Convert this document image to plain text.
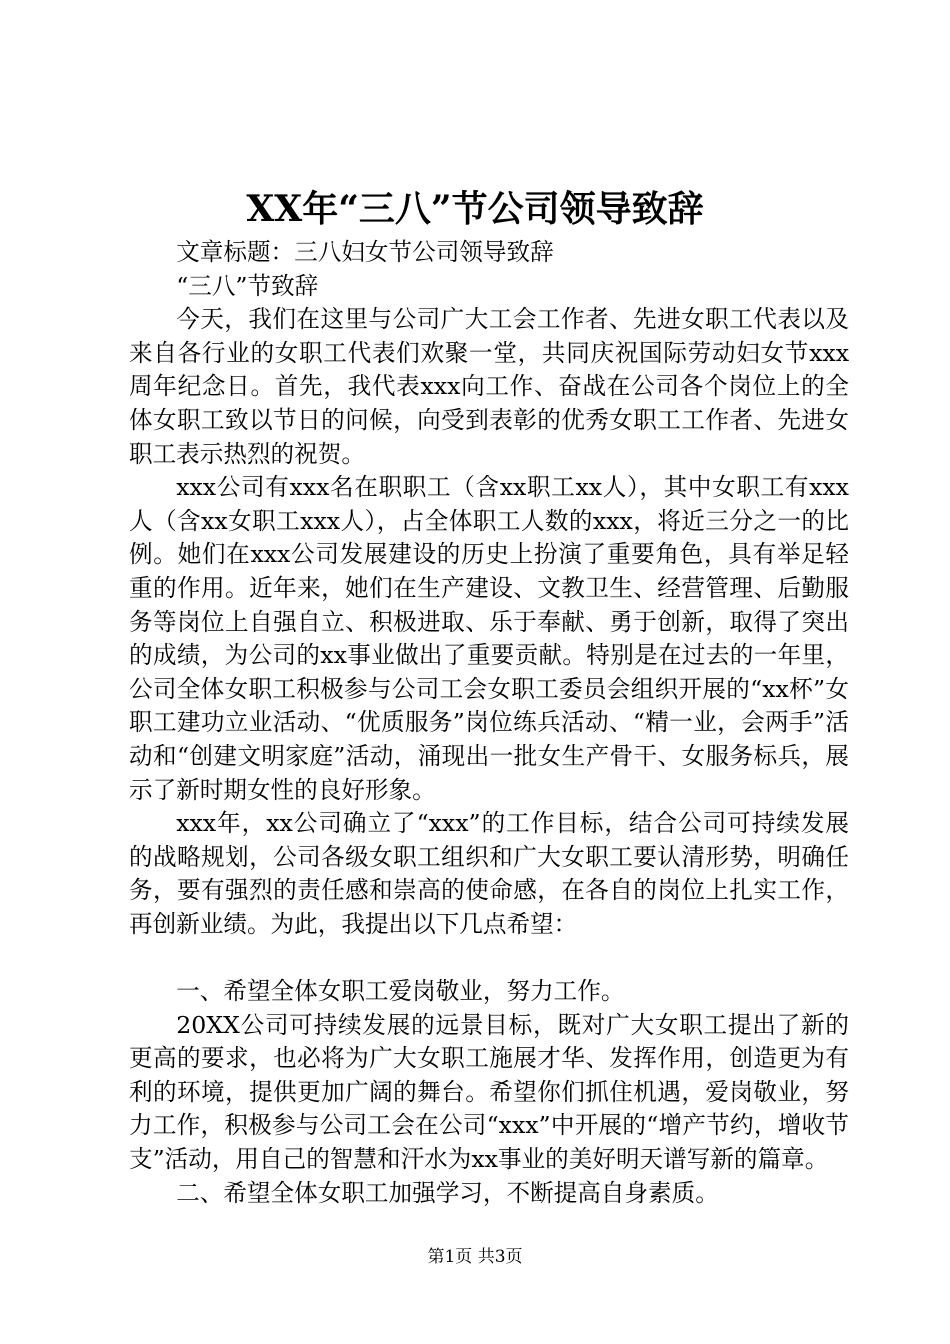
XX年“三八”节公司领导致辞

文章标题：三八妇女节公司领导致辞

“三八”节致辞

今天，我们在这里与公司广大工会工作者、先进女职工代表以及来自各行业的女职工代表们欢聚一堂，共同庆祝国际劳动妇女节xxx周年纪念日。首先，我代表xxx向工作、奋战在公司各个岗位上的全体女职工致以节日的问候，向受到表彰的优秀女职工工作者、先进女职工表示热烈的祝贺。

xxx公司有xxx名在职职工（含xx职工xx人），其中女职工有xxx人（含xx女职工xxx人），占全体职工人数的xxx，将近三分之一的比例。她们在xxx公司发展建设的历史上扮演了重要角色，具有举足轻重的作用。近年来，她们在生产建设、文教卫生、经营管理、后勤服务等岗位上自强自立、积极进取、乐于奉献、勇于创新，取得了突出的成绩，为公司的xx事业做出了重要贡献。特别是在过去的一年里，公司全体女职工积极参与公司工会女职工委员会组织开展的“xx杯”女职工建功立业活动、“优质服务”岗位练兵活动、“精一业，会两手”活动和“创建文明家庭”活动，涌现出一批女生产骨干、女服务标兵，展示了新时期女性的良好形象。

xxx年，xx公司确立了“xxx”的工作目标，结合公司可持续发展的战略规划，公司各级女职工组织和广大女职工要认清形势，明确任务，要有强烈的责任感和崇高的使命感，在各自的岗位上扎实工作，再创新业绩。为此，我提出以下几点希望：

一、希望全体女职工爱岗敬业，努力工作。

20XX公司可持续发展的远景目标，既对广大女职工提出了新的更高的要求，也必将为广大女职工施展才华、发挥作用，创造更为有利的环境，提供更加广阔的舞台。希望你们抓住机遇，爱岗敬业，努力工作，积极参与公司工会在公司“xxx”中开展的“增产节约，增收节支”活动，用自己的智慧和汗水为xx事业的美好明天谱写新的篇章。

二、希望全体女职工加强学习，不断提高自身素质。

第1页 共3页
